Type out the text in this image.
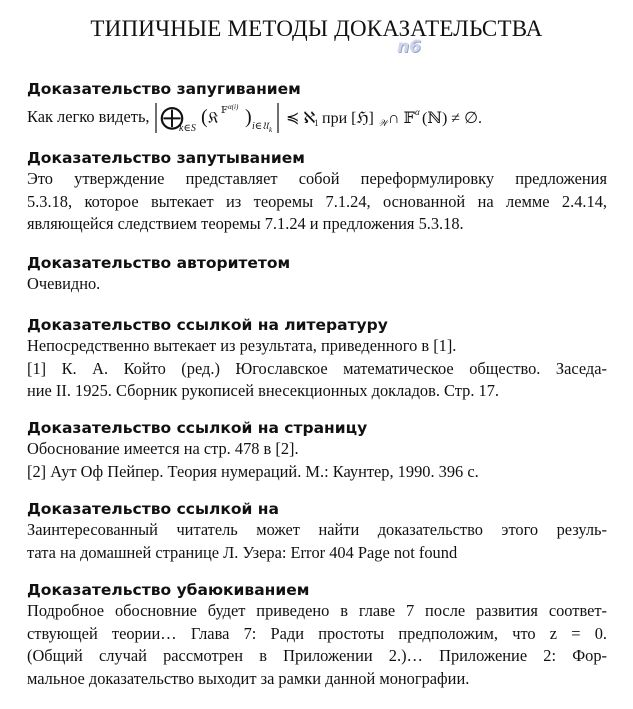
ТИПИЧНЫЕ МЕТОДЫ ДОКАЗАТЕЛЬСТВА
n6
Доказательство запугиванием
Как легко видеть, ⨁
k∈S
( 𝔎 𝔽 α(i) ) i∈𝔘 k
≼ ℵ
1 при [ℌ] 𝒲 ∩ 𝔽 α (ℕ) ≠ ∅.
Доказательство запутыванием
Это утверждение представляет собой переформулировку предложения
5.3.18, которое вытекает из теоремы 7.1.24, основанной на лемме 2.4.14,
являющейся следствием теоремы 7.1.24 и предложения 5.3.18.
Доказательство авторитетом
Очевидно.
Доказательство ссылкой на литературу
Непосредственно вытекает из результата, приведенного в [1].
[1] К. А. Който (ред.) Югославское математическое общество. Заседа-
ние II. 1925. Сборник рукописей внесекционных докладов. Стр. 17.
Доказательство ссылкой на страницу
Обоснование имеется на стр. 478 в [2].
[2] Аут Оф Пейпер. Теория нумераций. М.: Каунтер, 1990. 396 с.
Доказательство ссылкой на
Заинтересованный читатель может найти доказательство этого резуль-
тата на домашней странице Л. Узера: Error 404 Page not found
Доказательство убаюкиванием
Подробное обосновние будет приведено в главе 7 после развития соответ-
ствующей теории… Глава 7: Ради простоты предположим, что z = 0.
(Общий случай рассмотрен в Приложении 2.)… Приложение 2: Фор-
мальное доказательство выходит за рамки данной монографии.
